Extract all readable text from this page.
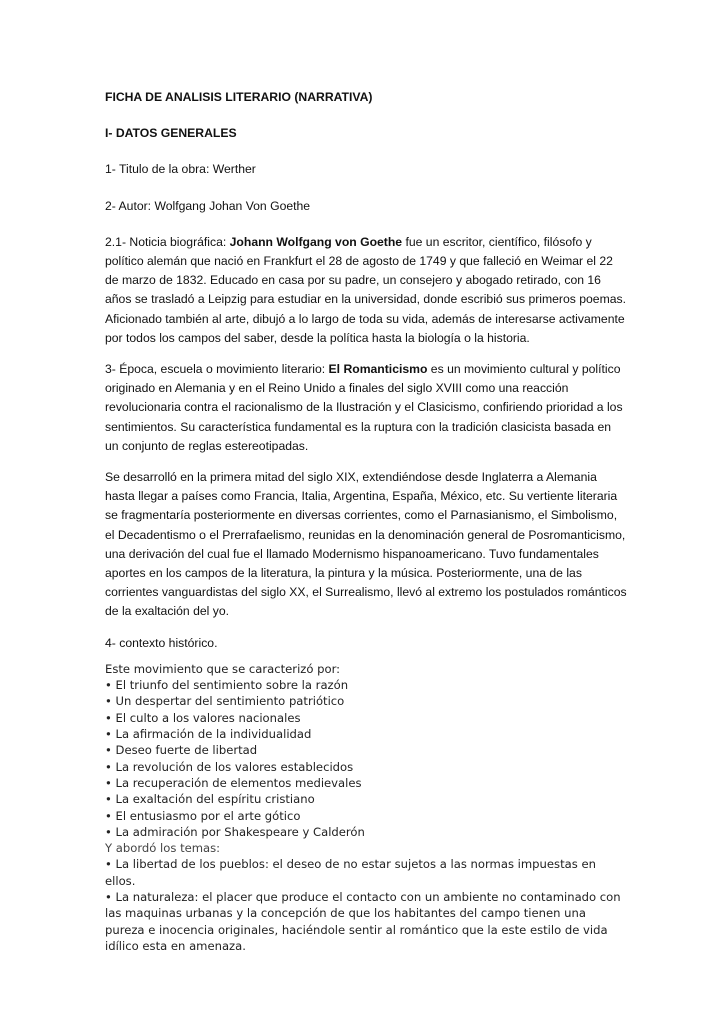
FICHA DE ANALISIS LITERARIO (NARRATIVA)

I- DATOS GENERALES

1- Titulo de la obra: Werther

2- Autor: Wolfgang Johan Von Goethe

2.1- Noticia biográfica: Johann Wolfgang von Goethe fue un escritor, científico, filósofo y político alemán que nació en Frankfurt el 28 de agosto de 1749 y que falleció en Weimar el 22 de marzo de 1832. Educado en casa por su padre, un consejero y abogado retirado, con 16 años se trasladó a Leipzig para estudiar en la universidad, donde escribió sus primeros poemas. Aficionado también al arte, dibujó a lo largo de toda su vida, además de interesarse activamente por todos los campos del saber, desde la política hasta la biología o la historia.

3- Época, escuela o movimiento literario: El Romanticismo es un movimiento cultural y político originado en Alemania y en el Reino Unido a finales del siglo XVIII como una reacción revolucionaria contra el racionalismo de la Ilustración y el Clasicismo, confiriendo prioridad a los sentimientos. Su característica fundamental es la ruptura con la tradición clasicista basada en un conjunto de reglas estereotipadas.

Se desarrolló en la primera mitad del siglo XIX, extendiéndose desde Inglaterra a Alemania hasta llegar a países como Francia, Italia, Argentina, España, México, etc. Su vertiente literaria se fragmentaría posteriormente en diversas corrientes, como el Parnasianismo, el Simbolismo, el Decadentismo o el Prerrafaelismo, reunidas en la denominación general de Posromanticismo, una derivación del cual fue el llamado Modernismo hispanoamericano. Tuvo fundamentales aportes en los campos de la literatura, la pintura y la música. Posteriormente, una de las corrientes vanguardistas del siglo XX, el Surrealismo, llevó al extremo los postulados románticos de la exaltación del yo.

4- contexto histórico.

Este movimiento que se caracterizó por:

• El triunfo del sentimiento sobre la razón
• Un despertar del sentimiento patriótico
• El culto a los valores nacionales
• La afirmación de la individualidad
• Deseo fuerte de libertad
• La revolución de los valores establecidos
• La recuperación de elementos medievales
• La exaltación del espíritu cristiano
• El entusiasmo por el arte gótico
• La admiración por Shakespeare y Calderón

Y abordó los temas:

• La libertad de los pueblos: el deseo de no estar sujetos a las normas impuestas en ellos.
• La naturaleza: el placer que produce el contacto con un ambiente no contaminado con las maquinas urbanas y la concepción de que los habitantes del campo tienen una pureza e inocencia originales, haciéndole sentir al romántico que la este estilo de vida idílico esta en amenaza.
